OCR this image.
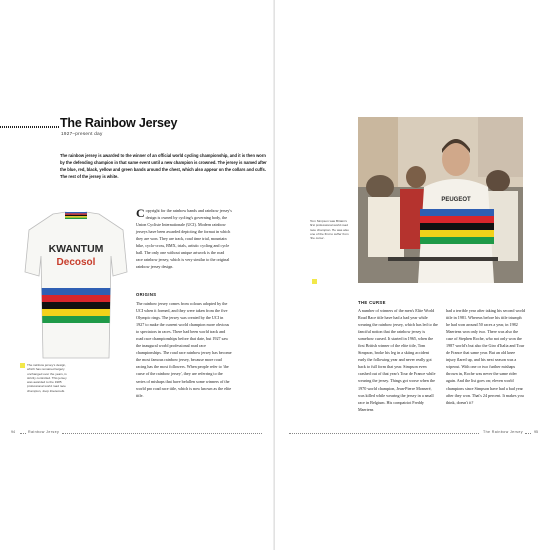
The Rainbow Jersey
1927–present day

The rainbow jersey is awarded to the winner of an official world cycling championship, and it is then worn by the defending champion in that same event until a new champion is crowned. The jersey is named after the blue, red, black, yellow and green bands around the chest, which also appear on the collars and cuffs. The rest of the jersey is white.

KWANTUM
Decosol

The rainbow jersey's design, which has remained largely unchanged over the years, is strictly controlled. This jersey was awarded to the 1985 professional world road race champion, Joop Zoetemelk.

Copyright for the rainbow bands and rainbow jersey's design is owned by cycling's governing body, the Union Cycliste Internationale (UCI). Modern rainbow jerseys have been awarded depicting the format in which they are won. They are track, road time trial, mountain bike, cyclo-cross, BMX, trials, artistic cycling and cycle ball. The only one without unique artwork is the road race rainbow jersey, which is very similar to the original rainbow jersey design.

ORIGINS

The rainbow jersey comes from colours adopted by the UCI when it formed, and they were taken from the five Olympic rings. The jersey was created by the UCI in 1927 to make the current world champion more obvious to spectators in races. There had been world track and road race championships before that date, but 1927 saw the inaugural world professional road race championships. The road race rainbow jersey has become the most famous rainbow jersey, because more road racing has the most followers. When people refer to 'the curse of the rainbow jersey', they are referring to the series of mishaps that have befallen some winners of the world pro road race title, which is now known as the elite title.

94	Rainbow Jersey
PEUGEOT

Tom Simpson was Britain's first professional world road race champion. He was also one of the first to suffer from 'the curse'.

THE CURSE

A number of winners of the men's Elite World Road Race title have had a bad year while wearing the rainbow jersey, which has led to the fanciful notion that the rainbow jersey is somehow cursed. It started in 1965, when the first British winner of the elite title, Tom Simpson, broke his leg in a skiing accident early the following year and never really got back to full form that year. Simpson even crashed out of that year's Tour de France while wearing the jersey. Things got worse when the 1970 world champion, Jean-Pierre Monseré, was killed while wearing the jersey in a small race in Belgium. His compatriot Freddy Maertens

had a terrible year after taking his second world title in 1981. Whereas before his title triumph he had won around 50 races a year, in 1982 Maertens won only two. There was also the case of Stephen Roche, who not only won the 1987 world's but also the Giro d'Italia and Tour de France that same year. But an old knee injury flared up, and his next season was a wipeout. With one or two further mishaps thrown in, Roche was never the same rider again. And the list goes on; eleven world champions since Simpson have had a bad year after they won. That's 24 percent. It makes you think, doesn't it?

The Rainbow Jersey	95
